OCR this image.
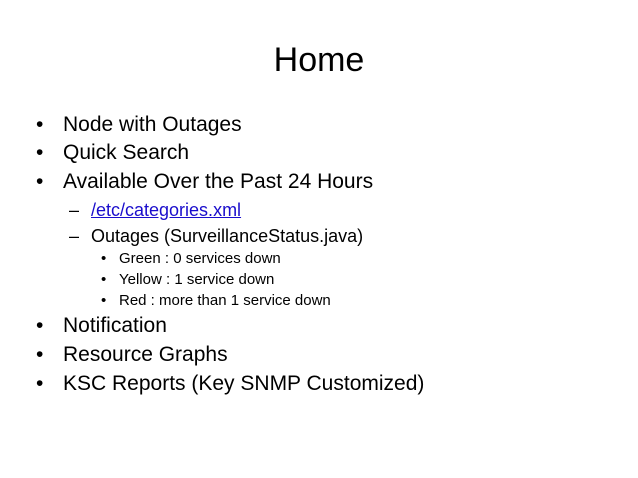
Home
• Node with Outages
• Quick Search
• Available Over the Past 24 Hours
– /etc/categories.xml
– Outages (SurveillanceStatus.java)
• Green : 0 services down
• Yellow : 1 service down
• Red : more than 1 service down
• Notification
• Resource Graphs
• KSC Reports (Key SNMP Customized)
